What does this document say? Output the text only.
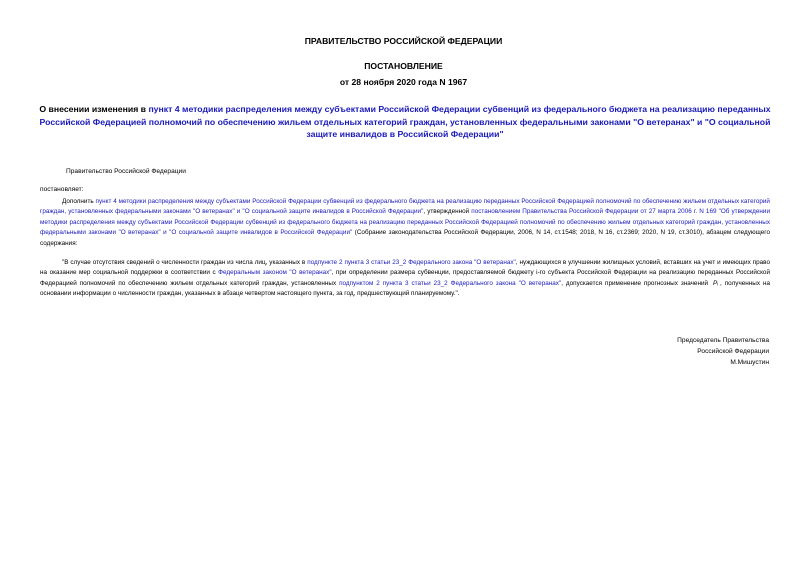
ПРАВИТЕЛЬСТВО РОССИЙСКОЙ ФЕДЕРАЦИИ
ПОСТАНОВЛЕНИЕ
от 28 ноября 2020 года N 1967
О внесении изменения в пункт 4 методики распределения между субъектами Российской Федерации субвенций из федерального бюджета на реализацию переданных Российской Федерацией полномочий по обеспечению жильем отдельных категорий граждан, установленных федеральными законами "О ветеранах" и "О социальной защите инвалидов в Российской Федерации"
Правительство Российской Федерации
постановляет:
Дополнить пункт 4 методики распределения между субъектами Российской Федерации субвенций из федерального бюджета на реализацию переданных Российской Федерацией полномочий по обеспечению жильем отдельных категорий граждан, установленных федеральными законами "О ветеранах" и "О социальной защите инвалидов в Российской Федерации", утвержденной постановлением Правительства Российской Федерации от 27 марта 2006 г. N 169 "Об утверждении методики распределения между субъектами Российской Федерации субвенций из федерального бюджета на реализацию переданных Российской Федерацией полномочий по обеспечению жильем отдельных категорий граждан, установленных федеральными законами "О ветеранах" и "О социальной защите инвалидов в Российской Федерации" (Собрание законодательства Российской Федерации, 2006, N 14, ст.1548; 2018, N 16, ст.2369; 2020, N 19, ст.3010), абзацем следующего содержания:
"В случае отсутствия сведений о численности граждан из числа лиц, указанных в подпункте 2 пункта 3 статьи 23_2 Федерального закона "О ветеранах", нуждающихся в улучшении жилищных условий, вставших на учет и имеющих право на оказание мер социальной поддержки в соответствии с Федеральным законом "О ветеранах", при определении размера субвенции, предоставляемой бюджету i-го субъекта Российской Федерации на реализацию переданных Российской Федерацией полномочий по обеспечению жильем отдельных категорий граждан, установленных подпунктом 2 пункта 3 статьи 23_2 Федерального закона "О ветеранах", допускается применение прогнозных значений Pᵢ , полученных на основании информации о численности граждан, указанных в абзаце четвертом настоящего пункта, за год, предшествующий планируемому.".
Председатель Правительства
Российской Федерации
М.Мишустин
